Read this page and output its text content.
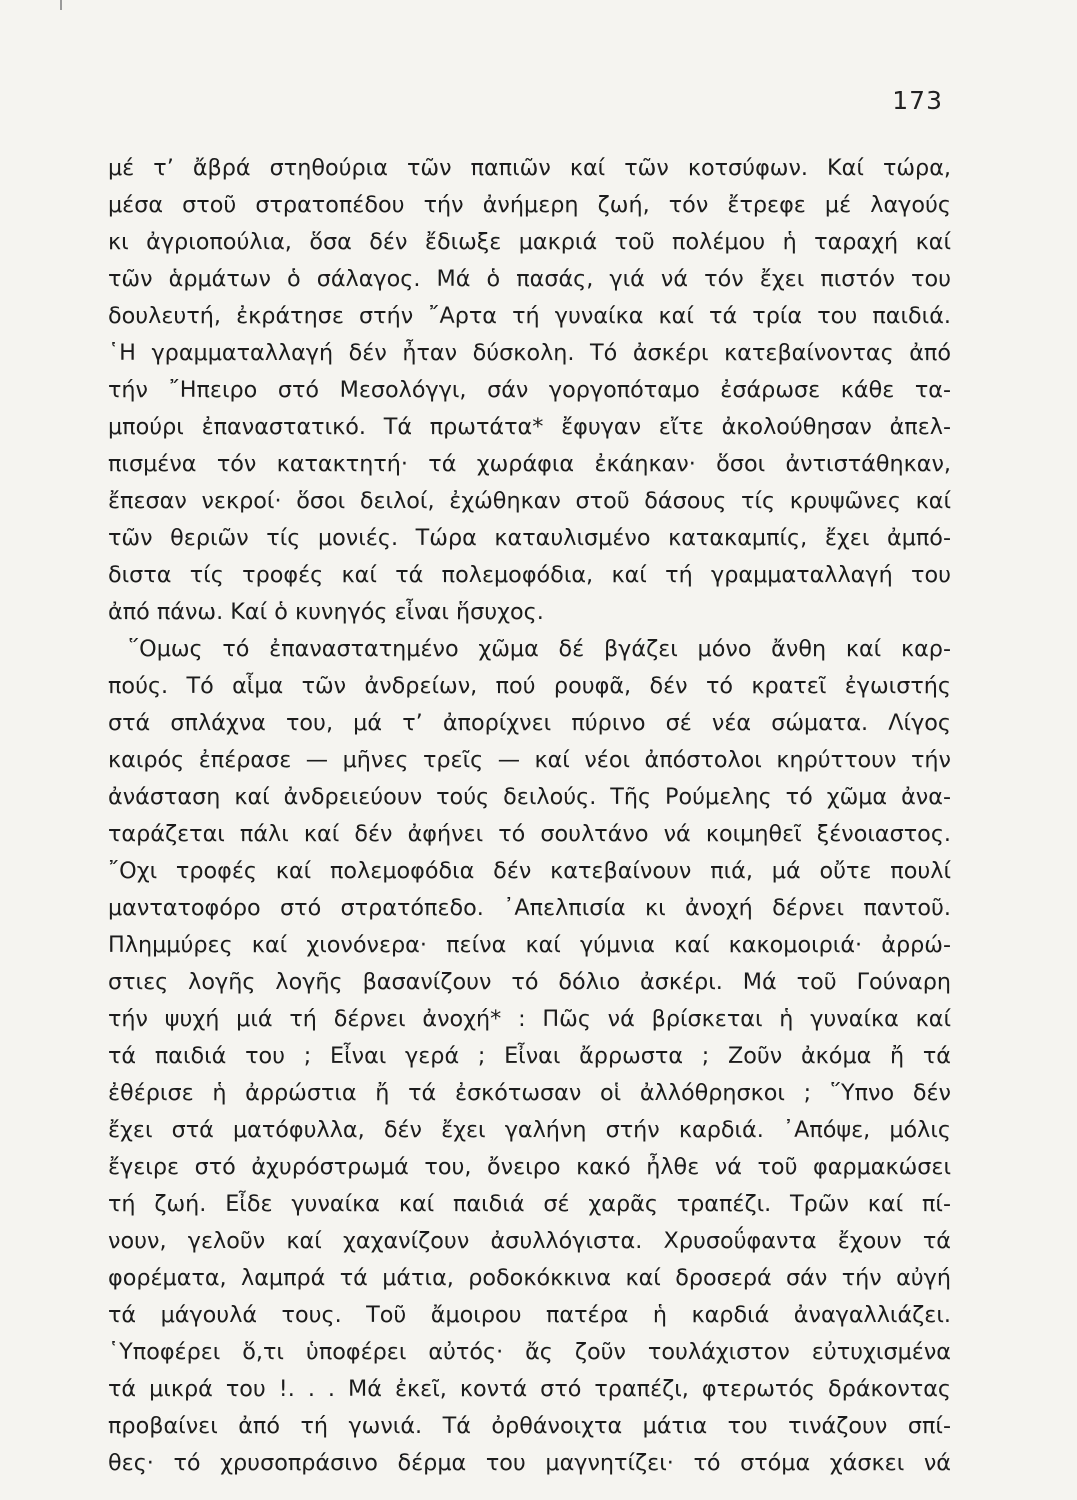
173
μέ τ’ ἄβρά στηθούρια τῶν παπιῶν καί τῶν κοτσύφων. Καί τώρα,
μέσα στοῦ στρατοπέδου τήν ἀνήμερη ζωή, τόν ἔτρεφε μέ λαγούς
κι ἀγριοπούλια, ὅσα δέν ἔδιωξε μακριά τοῦ πολέμου ἡ ταραχή καί
τῶν ἁρμάτων ὁ σάλαγος. Μά ὁ πασάς, γιά νά τόν ἔχει πιστόν του
δουλευτή, ἐκράτησε στήν ῎Αρτα τή γυναίκα καί τά τρία του παιδιά.
῾Η γραμματαλλαγή δέν ἦταν δύσκολη. Τό ἀσκέρι κατεβαίνοντας ἀπό
τήν ῎Ηπειρο στό Μεσολόγγι, σάν γοργοπόταμο ἐσάρωσε κάθε τα-
μπούρι ἐπαναστατικό. Τά πρωτάτα* ἔφυγαν εἴτε ἀκολούθησαν ἀπελ-
πισμένα τόν κατακτητή· τά χωράφια ἐκάηκαν· ὅσοι ἀντιστάθηκαν,
ἔπεσαν νεκροί· ὅσοι δειλοί, ἐχώθηκαν στοῦ δάσους τίς κρυψῶνες καί
τῶν θεριῶν τίς μονιές. Τώρα καταυλισμένο κατακαμπίς, ἔχει ἀμπό-
διστα τίς τροφές καί τά πολεμοφόδια, καί τή γραμματαλλαγή του
ἀπό πάνω. Καί ὁ κυνηγός εἶναι ἥσυχος.
῞Ομως τό ἐπαναστατημένο χῶμα δέ βγάζει μόνο ἄνθη καί καρ-
πούς. Τό αἷμα τῶν ἀνδρείων, πού ρουφᾶ, δέν τό κρατεῖ ἐγωιστής
στά σπλάχνα του, μά τ’ ἀπορίχνει πύρινο σέ νέα σώματα. Λίγος
καιρός ἐπέρασε — μῆνες τρεῖς — καί νέοι ἀπόστολοι κηρύττουν τήν
ἀνάσταση καί ἀνδρειεύουν τούς δειλούς. Τῆς Ρούμελης τό χῶμα ἀνα-
ταράζεται πάλι καί δέν ἀφήνει τό σουλτάνο νά κοιμηθεῖ ξένοιαστος.
῎Οχι τροφές καί πολεμοφόδια δέν κατεβαίνουν πιά, μά οὔτε πουλί
μαντατοφόρο στό στρατόπεδο. ᾿Απελπισία κι ἀνοχή δέρνει παντοῦ.
Πλημμύρες καί χιονόνερα· πείνα καί γύμνια καί κακομοιριά· ἀρρώ-
στιες λογῆς λογῆς βασανίζουν τό δόλιο ἀσκέρι. Μά τοῦ Γούναρη
τήν ψυχή μιά τή δέρνει ἀνοχή* : Πῶς νά βρίσκεται ἡ γυναίκα καί
τά παιδιά του ; Εἶναι γερά ; Εἶναι ἄρρωστα ; Ζοῦν ἀκόμα ἤ τά
ἐθέρισε ἡ ἀρρώστια ἤ τά ἐσκότωσαν οἱ ἀλλόθρησκοι ; ῞Υπνο δέν
ἔχει στά ματόφυλλα, δέν ἔχει γαλήνη στήν καρδιά. ᾿Απόψε, μόλις
ἔγειρε στό ἀχυρόστρωμά του, ὄνειρο κακό ἦλθε νά τοῦ φαρμακώσει
τή ζωή. Εἶδε γυναίκα καί παιδιά σέ χαρᾶς τραπέζι. Τρῶν καί πί-
νουν, γελοῦν καί χαχανίζουν ἀσυλλόγιστα. Χρυσοΰφαντα ἔχουν τά
φορέματα, λαμπρά τά μάτια, ροδοκόκκινα καί δροσερά σάν τήν αὐγή
τά μάγουλά τους. Τοῦ ἄμοιρου πατέρα ἡ καρδιά ἀναγαλλιάζει.
῾Υποφέρει ὅ,τι ὑποφέρει αὐτός· ἄς ζοῦν τουλάχιστον εὐτυχισμένα
τά μικρά του !. . . Μά ἐκεῖ, κοντά στό τραπέζι, φτερωτός δράκοντας
προβαίνει ἀπό τή γωνιά. Τά ὀρθάνοιχτα μάτια του τινάζουν σπί-
θες· τό χρυσοπράσινο δέρμα του μαγνητίζει· τό στόμα χάσκει νά
